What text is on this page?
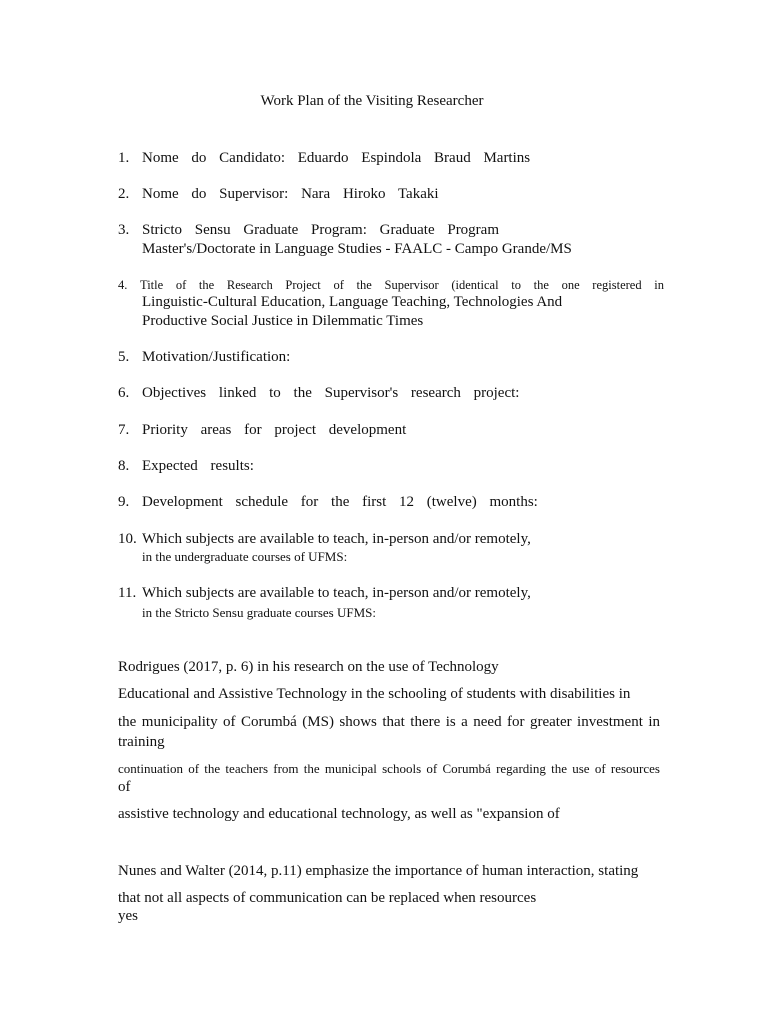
Work Plan of the Visiting Researcher
1. Nome do Candidato: Eduardo Espindola Braud Martins
2. Nome do Supervisor: Nara Hiroko Takaki
3. Stricto Sensu Graduate Program: Graduate Program
Master's/Doctorate in Language Studies - FAALC - Campo Grande/MS
4. Title of the Research Project of the Supervisor (identical to the one registered in
Linguistic-Cultural Education, Language Teaching, Technologies And
Productive Social Justice in Dilemmatic Times
5. Motivation/Justification:
6. Objectives linked to the Supervisor's research project:
7. Priority areas for project development
8. Expected results:
9. Development schedule for the first 12 (twelve) months:
10. Which subjects are available to teach, in-person and/or remotely,
in the undergraduate courses of UFMS:
11. Which subjects are available to teach, in-person and/or remotely,
in the Stricto Sensu graduate courses UFMS:
Rodrigues (2017, p. 6) in his research on the use of Technology
Educational and Assistive Technology in the schooling of students with disabilities in
the municipality of Corumbá (MS) shows that there is a need for greater investment in
training
continuation of the teachers from the municipal schools of Corumbá regarding the use of resources
of
assistive technology and educational technology, as well as "expansion of
Nunes and Walter (2014, p.11) emphasize the importance of human interaction, stating
that not all aspects of communication can be replaced when resources
yes
